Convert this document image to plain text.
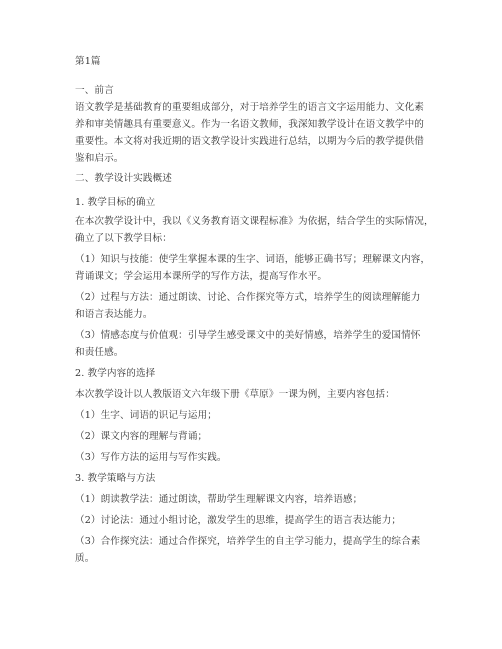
第1篇
一、前言
语文教学是基础教育的重要组成部分，对于培养学生的语言文字运用能力、文化素
养和审美情趣具有重要意义。作为一名语文教师，我深知教学设计在语文教学中的
重要性。本文将对我近期的语文教学设计实践进行总结，以期为今后的教学提供借
鉴和启示。
二、教学设计实践概述
1. 教学目标的确立
在本次教学设计中，我以《义务教育语文课程标准》为依据，结合学生的实际情况，
确立了以下教学目标：
（1）知识与技能：使学生掌握本课的生字、词语，能够正确书写；理解课文内容，
背诵课文；学会运用本课所学的写作方法，提高写作水平。
（2）过程与方法：通过朗读、讨论、合作探究等方式，培养学生的阅读理解能力
和语言表达能力。
（3）情感态度与价值观：引导学生感受课文中的美好情感，培养学生的爱国情怀
和责任感。
2. 教学内容的选择
本次教学设计以人教版语文六年级下册《草原》一课为例，主要内容包括：
（1）生字、词语的识记与运用；
（2）课文内容的理解与背诵；
（3）写作方法的运用与写作实践。
3. 教学策略与方法
（1）朗读教学法：通过朗读，帮助学生理解课文内容，培养语感；
（2）讨论法：通过小组讨论，激发学生的思维，提高学生的语言表达能力；
（3）合作探究法：通过合作探究，培养学生的自主学习能力，提高学生的综合素
质。
